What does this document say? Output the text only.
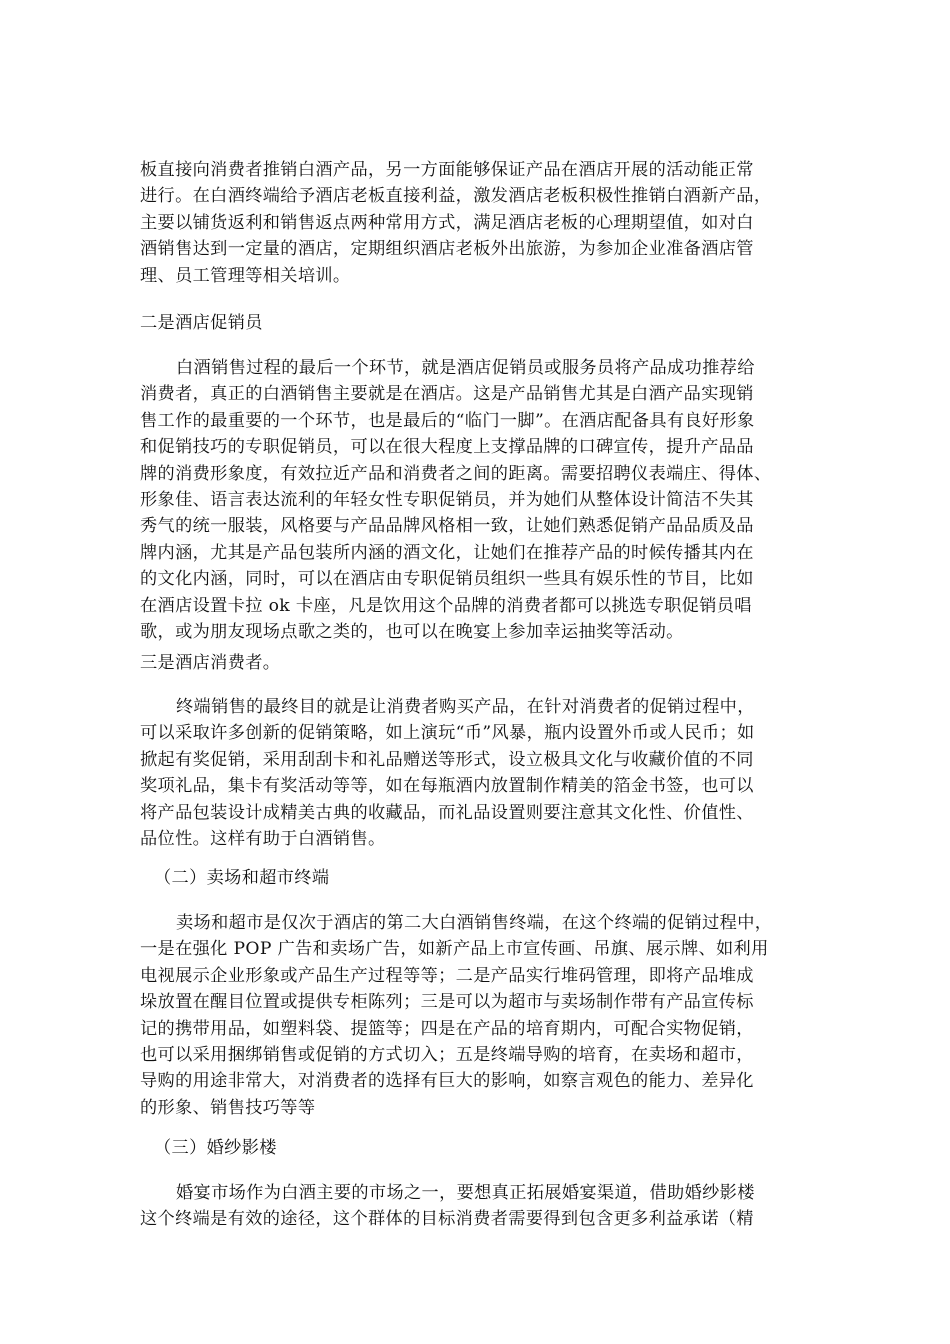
板直接向消费者推销白酒产品，另一方面能够保证产品在酒店开展的活动能正常
进行。在白酒终端给予酒店老板直接利益，激发酒店老板积极性推销白酒新产品，
主要以铺货返利和销售返点两种常用方式，满足酒店老板的心理期望值，如对白
酒销售达到一定量的酒店，定期组织酒店老板外出旅游，为参加企业准备酒店管
理、员工管理等相关培训。
二是酒店促销员
白酒销售过程的最后一个环节，就是酒店促销员或服务员将产品成功推荐给
消费者，真正的白酒销售主要就是在酒店。这是产品销售尤其是白酒产品实现销
售工作的最重要的一个环节，也是最后的“临门一脚”。在酒店配备具有良好形象
和促销技巧的专职促销员，可以在很大程度上支撑品牌的口碑宣传，提升产品品
牌的消费形象度，有效拉近产品和消费者之间的距离。需要招聘仪表端庄、得体、
形象佳、语言表达流利的年轻女性专职促销员，并为她们从整体设计简洁不失其
秀气的统一服装，风格要与产品品牌风格相一致，让她们熟悉促销产品品质及品
牌内涵，尤其是产品包装所内涵的酒文化，让她们在推荐产品的时候传播其内在
的文化内涵，同时，可以在酒店由专职促销员组织一些具有娱乐性的节目，比如
在酒店设置卡拉 ok 卡座，凡是饮用这个品牌的消费者都可以挑选专职促销员唱
歌，或为朋友现场点歌之类的，也可以在晚宴上参加幸运抽奖等活动。
三是酒店消费者。
终端销售的最终目的就是让消费者购买产品，在针对消费者的促销过程中，
可以采取许多创新的促销策略，如上演玩“币”风暴，瓶内设置外币或人民币；如
掀起有奖促销，采用刮刮卡和礼品赠送等形式，设立极具文化与收藏价值的不同
奖项礼品，集卡有奖活动等等，如在每瓶酒内放置制作精美的箔金书签，也可以
将产品包装设计成精美古典的收藏品，而礼品设置则要注意其文化性、价值性、
品位性。这样有助于白酒销售。
（二）卖场和超市终端
卖场和超市是仅次于酒店的第二大白酒销售终端，在这个终端的促销过程中，
一是在强化 POP 广告和卖场广告，如新产品上市宣传画、吊旗、展示牌、如利用
电视展示企业形象或产品生产过程等等；二是产品实行堆码管理，即将产品堆成
垛放置在醒目位置或提供专柜陈列；三是可以为超市与卖场制作带有产品宣传标
记的携带用品，如塑料袋、提篮等；四是在产品的培育期内，可配合实物促销，
也可以采用捆绑销售或促销的方式切入；五是终端导购的培育，在卖场和超市，
导购的用途非常大，对消费者的选择有巨大的影响，如察言观色的能力、差异化
的形象、销售技巧等等
（三）婚纱影楼
婚宴市场作为白酒主要的市场之一，要想真正拓展婚宴渠道，借助婚纱影楼
这个终端是有效的途径，这个群体的目标消费者需要得到包含更多利益承诺（精
